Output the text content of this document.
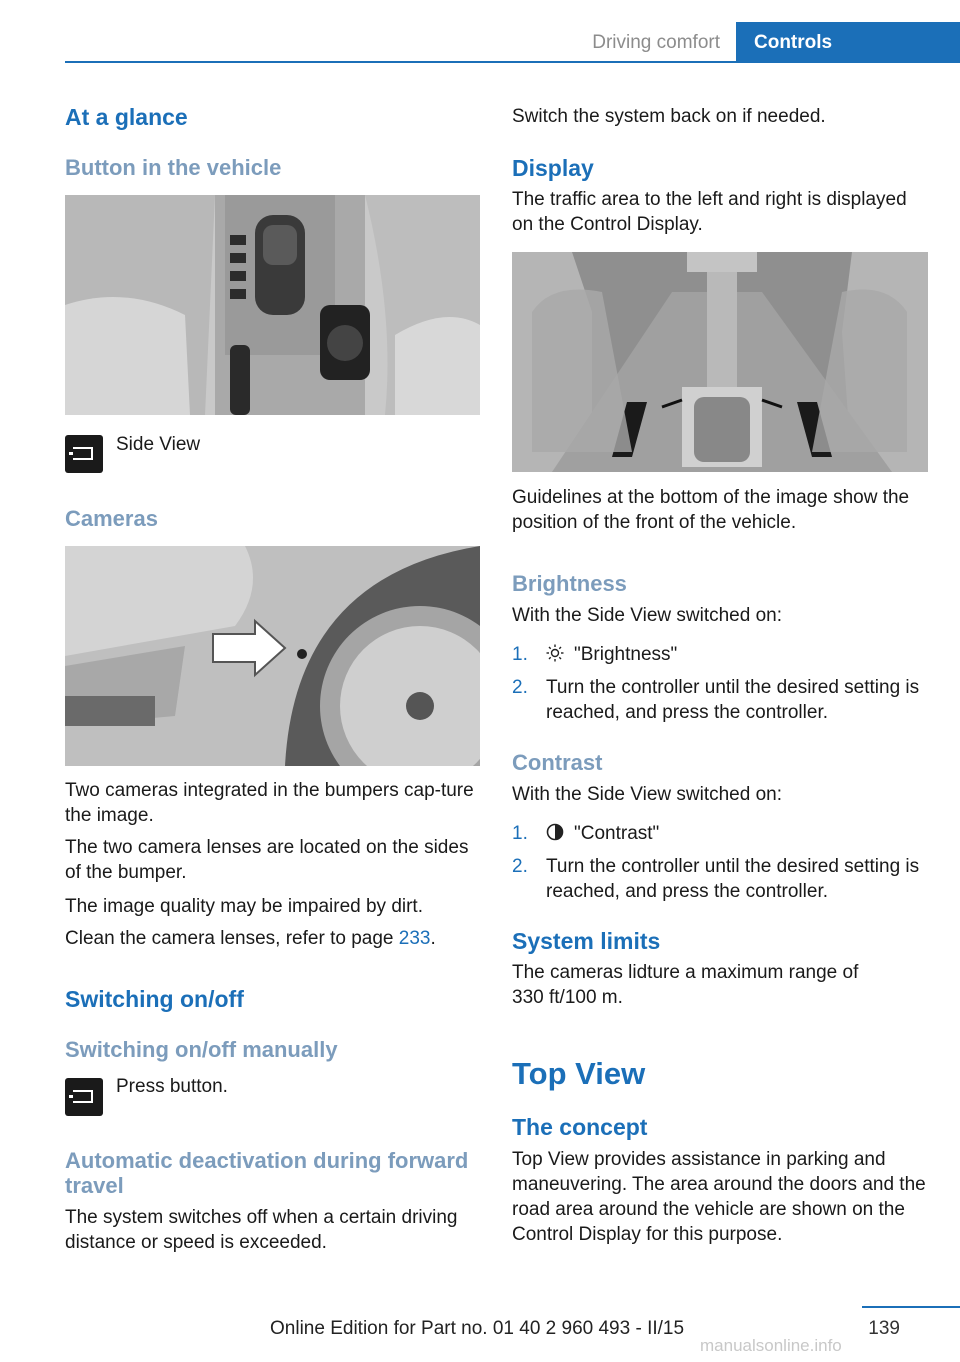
Driving comfort	Controls
At a glance
Button in the vehicle
Side View
Cameras
Two cameras integrated in the bumpers cap‐ture the image.
The two camera lenses are located on the sides of the bumper.
The image quality may be impaired by dirt.
Clean the camera lenses, refer to page 233.
Switching on/off
Switching on/off manually
Press button.
Automatic deactivation during forward travel
The system switches off when a certain driving distance or speed is exceeded.
Switch the system back on if needed.
Display
The traffic area to the left and right is displayed on the Control Display.
Guidelines at the bottom of the image show the position of the front of the vehicle.
Brightness
With the Side View switched on:
1.	"Brightness"
2. Turn the controller until the desired setting is reached, and press the controller.
Contrast
With the Side View switched on:
1.	"Contrast"
2. Turn the controller until the desired setting is reached, and press the controller.
System limits
The cameras lidture a maximum range of 330 ft/100 m.
Top View
The concept
Top View provides assistance in parking and maneuvering. The area around the doors and the road area around the vehicle are shown on the Control Display for this purpose.
139
Online Edition for Part no. 01 40 2 960 493 - II/15
manualsonline.info
